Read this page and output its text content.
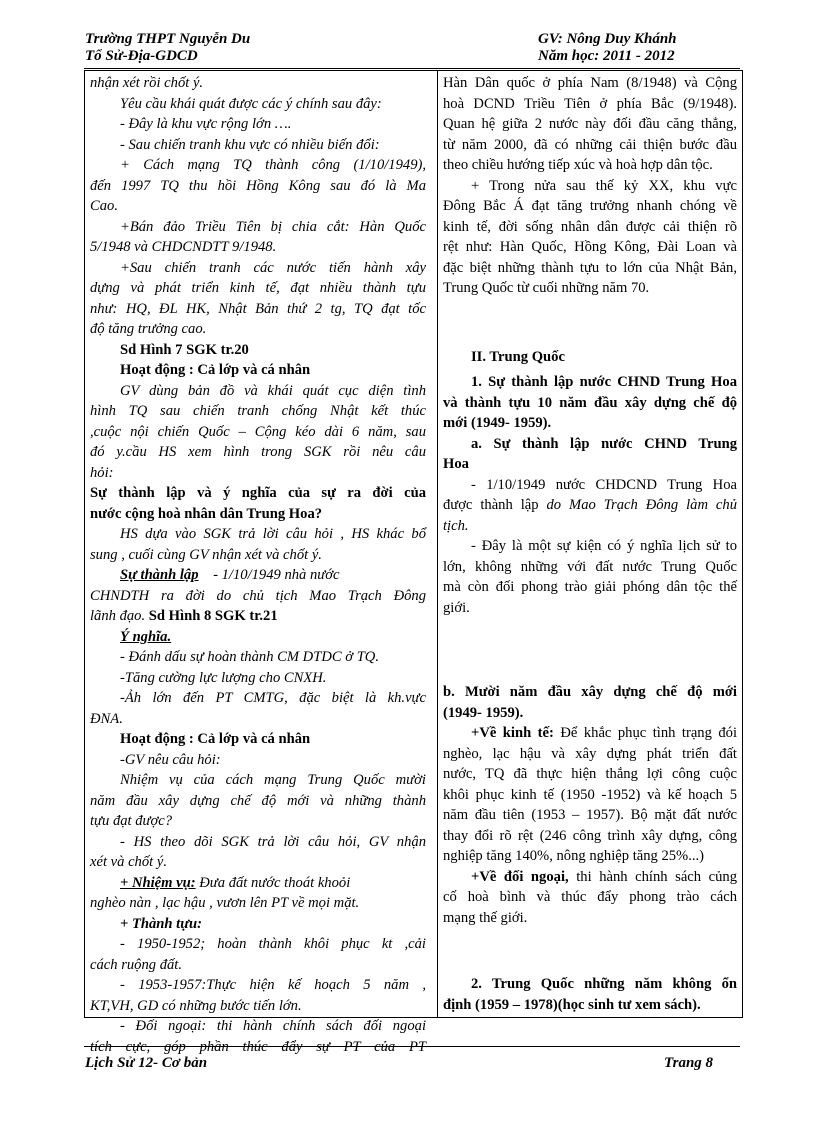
Trường THPT Nguyễn Du
Tổ Sử-Địa-GDCD
GV: Nông Duy Khánh
Năm học: 2011 - 2012
nhận xét rồi chốt ý.
Yêu cầu khái quát được các ý chính sau đây:
- Đây là khu vực rộng lớn ….
- Sau chiến tranh khu vực có nhiều biến đổi:
+ Cách mạng TQ thành công (1/10/1949),
đến 1997 TQ thu hồi Hồng Kông sau đó là Ma
Cao.
+Bán đảo Triều Tiên bị chia cắt: Hàn Quốc
5/1948 và CHDCNDTT 9/1948.
+Sau chiến tranh các nước tiến hành xây
dựng và phát triển kinh tế, đạt nhiều thành tựu
như: HQ, ĐL HK, Nhật Bản thứ 2 tg, TQ đạt tốc
độ tăng trưởng cao.
Sd Hình 7 SGK tr.20
Hoạt động : Cả lớp và cá nhân
GV dùng bản đồ và khái quát cục diện tình
hình TQ sau chiến tranh chống Nhật kết thúc
,cuộc nội chiến Quốc – Cộng kéo dài 6 năm, sau
đó y.cầu HS xem hình trong SGK rồi nêu câu
hỏi:
Sự thành lập và ý nghĩa của sự ra đời của
nước cộng hoà nhân dân Trung Hoa?
HS dựa vào SGK trả lời câu hỏi , HS khác bổ
sung , cuối cùng GV nhận xét và chốt ý.
Sự thành lập - 1/10/1949 nhà nước
CHNDTH ra đời do chủ tịch Mao Trạch Đông
lãnh đạo. Sd Hình 8 SGK tr.21
Ý nghĩa.
- Đánh dấu sự hoàn thành CM DTDC ở TQ.
-Tăng cường lực lượng cho CNXH.
-Ảh lớn đến PT CMTG, đặc biệt là kh.vực
ĐNA.
Hoạt động : Cả lớp và cá nhân
-GV nêu câu hỏi:
Nhiệm vụ của cách mạng Trung Quốc mười
năm đầu xây dựng chế độ mới và những thành
tựu đạt được?
- HS theo dõi SGK trả lời câu hỏi, GV nhận
xét và chốt ý.
+ Nhiệm vụ: Đưa đất nước thoát khoỏi
nghèo nàn , lạc hậu , vươn lên PT về mọi mặt.
+ Thành tựu:
- 1950-1952; hoàn thành khôi phục kt ,cải
cách ruộng đất.
- 1953-1957:Thực hiện kế hoạch 5 năm ,
KT,VH, GD có những bước tiến lớn.
- Đối ngoại: thi hành chính sách đối ngoại
tích cực, góp phần thúc đẩy sự PT của PT

Hàn Dân quốc ở phía Nam (8/1948) và Cộng
hoà DCND Triều Tiên ở phía Bắc (9/1948).
Quan hệ giữa 2 nước này đối đầu căng thẳng,
từ năm 2000, đã có những cải thiện bước đầu
theo chiều hướng tiếp xúc và hoà hợp dân tộc.
+ Trong nửa sau thế kỷ XX, khu vực
Đông Bắc Á đạt tăng trưởng nhanh chóng về
kinh tế, đời sống nhân dân được cải thiện rõ
rệt như: Hàn Quốc, Hồng Kông, Đài Loan và
đặc biệt những thành tựu to lớn của Nhật Bản,
Trung Quốc từ cuối những năm 70.
II. Trung Quốc
1. Sự thành lập nước CHND Trung Hoa
và thành tựu 10 năm đầu xây dựng chế độ
mới (1949- 1959).
a. Sự thành lập nước CHND Trung
Hoa
- 1/10/1949 nước CHDCND Trung Hoa
được thành lập do Mao Trạch Đông làm chủ
tịch.
- Đây là một sự kiện có ý nghĩa lịch sử to
lớn, không những với đất nước Trung Quốc
mà còn đối phong trào giải phóng dân tộc thế
giới.
b. Mười năm đầu xây dựng chế độ mới
(1949- 1959).
+Về kinh tế: Để khắc phục tình trạng đói
nghèo, lạc hậu và xây dựng phát triển đất
nước, TQ đã thực hiện thắng lợi công cuộc
khôi phục kinh tế (1950 -1952) và kế hoạch 5
năm đầu tiên (1953 – 1957). Bộ mặt đất nước
thay đổi rõ rệt (246 công trình xây dựng, công
nghiệp tăng 140%, nông nghiệp tăng 25%...)
+Về đối ngoại, thi hành chính sách củng
cố hoà bình và thúc đẩy phong trào cách
mạng thế giới.
2. Trung Quốc những năm không ổn
định (1959 – 1978)(học sinh tư xem sách).
Lịch Sử 12- Cơ bản	Trang 8
